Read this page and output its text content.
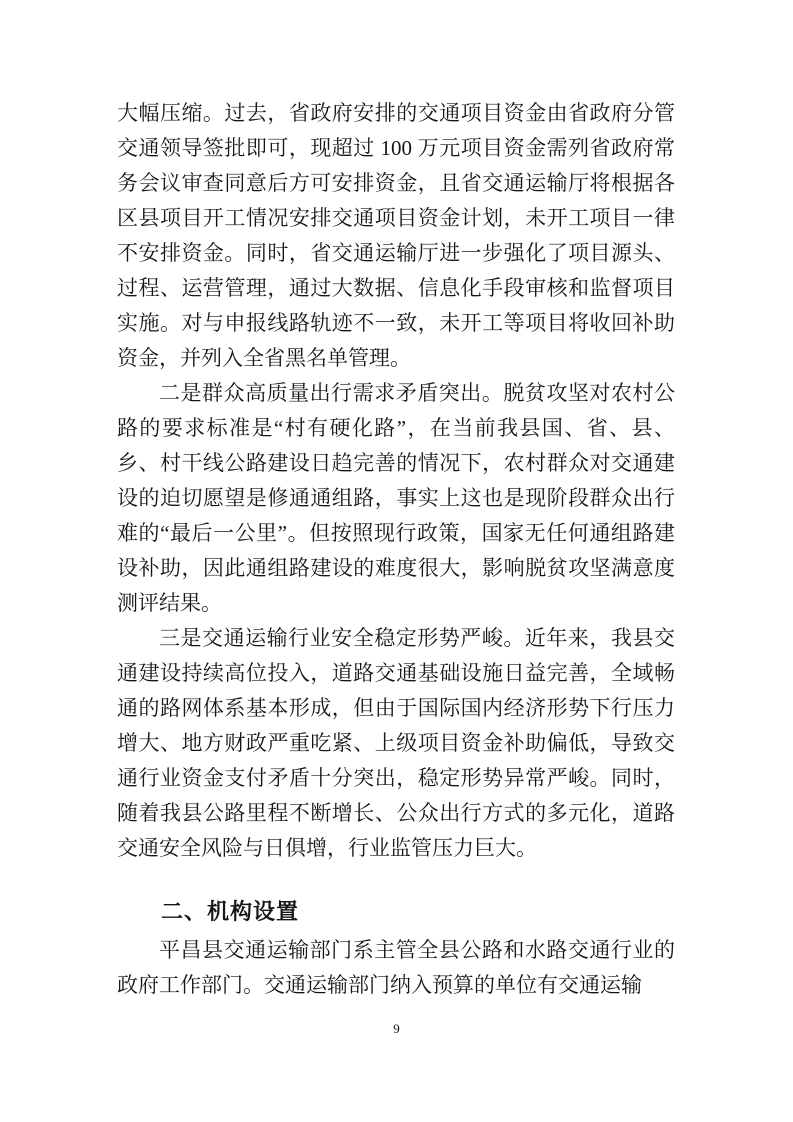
大幅压缩。过去，省政府安排的交通项目资金由省政府分管交通领导签批即可，现超过 100 万元项目资金需列省政府常务会议审查同意后方可安排资金，且省交通运输厅将根据各区县项目开工情况安排交通项目资金计划，未开工项目一律不安排资金。同时，省交通运输厅进一步强化了项目源头、过程、运营管理，通过大数据、信息化手段审核和监督项目实施。对与申报线路轨迹不一致，未开工等项目将收回补助资金，并列入全省黑名单管理。

二是群众高质量出行需求矛盾突出。脱贫攻坚对农村公路的要求标准是“村有硬化路”，在当前我县国、省、县、乡、村干线公路建设日趋完善的情况下，农村群众对交通建设的迫切愿望是修通通组路，事实上这也是现阶段群众出行难的“最后一公里”。但按照现行政策，国家无任何通组路建设补助，因此通组路建设的难度很大，影响脱贫攻坚满意度测评结果。

三是交通运输行业安全稳定形势严峻。近年来，我县交通建设持续高位投入，道路交通基础设施日益完善，全域畅通的路网体系基本形成，但由于国际国内经济形势下行压力增大、地方财政严重吃紧、上级项目资金补助偏低，导致交通行业资金支付矛盾十分突出，稳定形势异常严峻。同时，随着我县公路里程不断增长、公众出行方式的多元化，道路交通安全风险与日俱增，行业监管压力巨大。

二、机构设置

平昌县交通运输部门系主管全县公路和水路交通行业的政府工作部门。交通运输部门纳入预算的单位有交通运输

9
